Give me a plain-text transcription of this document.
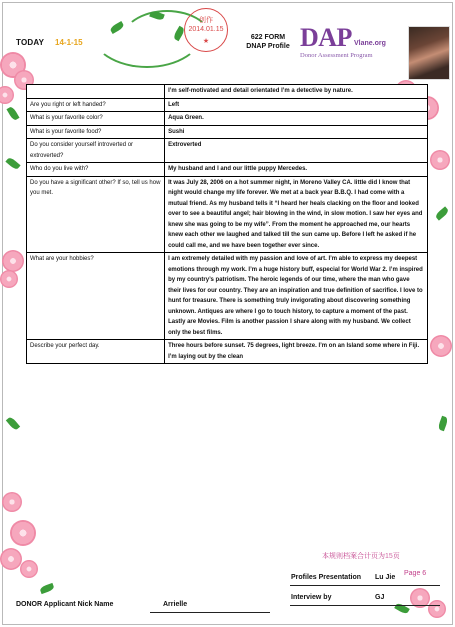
TODAY 14-1-15
创作
2014.01.15
★
622 FORM
DNAP Profile DAP Vlane.org
Donor Assessment Program
	I’m self-motivated and detail orientated I’m a detective by nature.
Are you right or left handed?	Left
What is your favorite color?	Aqua Green.
What is your favorite food?	Sushi
Do you consider yourself introverted or extroverted?	Extroverted
Who do you live with?	My husband and I and our little puppy Mercedes.
Do you have a significant other? If so, tell us how you met.	It was July 28, 2006 on a hot summer night, in Moreno Valley CA. little did I know that night would change my life forever. We met at a back year B.B.Q. I had come with a mutual friend. As my husband tells it “I heard her heals clacking on the floor and looked over to see a beautiful angel; hair blowing in the wind, in slow motion. I saw her eyes and knew she was going to be my wife”. From the moment he approached me, our hearts knew each other we laughed and talked till the sun came up. Before I left he asked if he could call me, and we have been together ever since.
What are your hobbies?	I am extremely detailed with my passion and love of art. I’m able to express my deepest emotions through my work. I’m a huge history buff, especial for World War 2. I’m inspired by my country’s patriotism. The heroic legends of our time, where the man who gave their lives for our country. They are an inspiration and true definition of sacrifice. I love to hunt for treasure. There is something truly invigorating about discovering something unknown. Antiques are where I go to touch history, to capture a moment of the past. Lastly are Movies. Film is another passion I share along with my husband. We collect only the best films.
Describe your perfect day.	Three hours before sunset. 75 degrees, light breeze. I’m on an Island some where in Fiji. I’m laying out by the clean
本规则档案合计页为15页
Page 6
Profiles Presentation Lu Jie
Interview by	GJ
DONOR Applicant Nick Name	Arrielle
